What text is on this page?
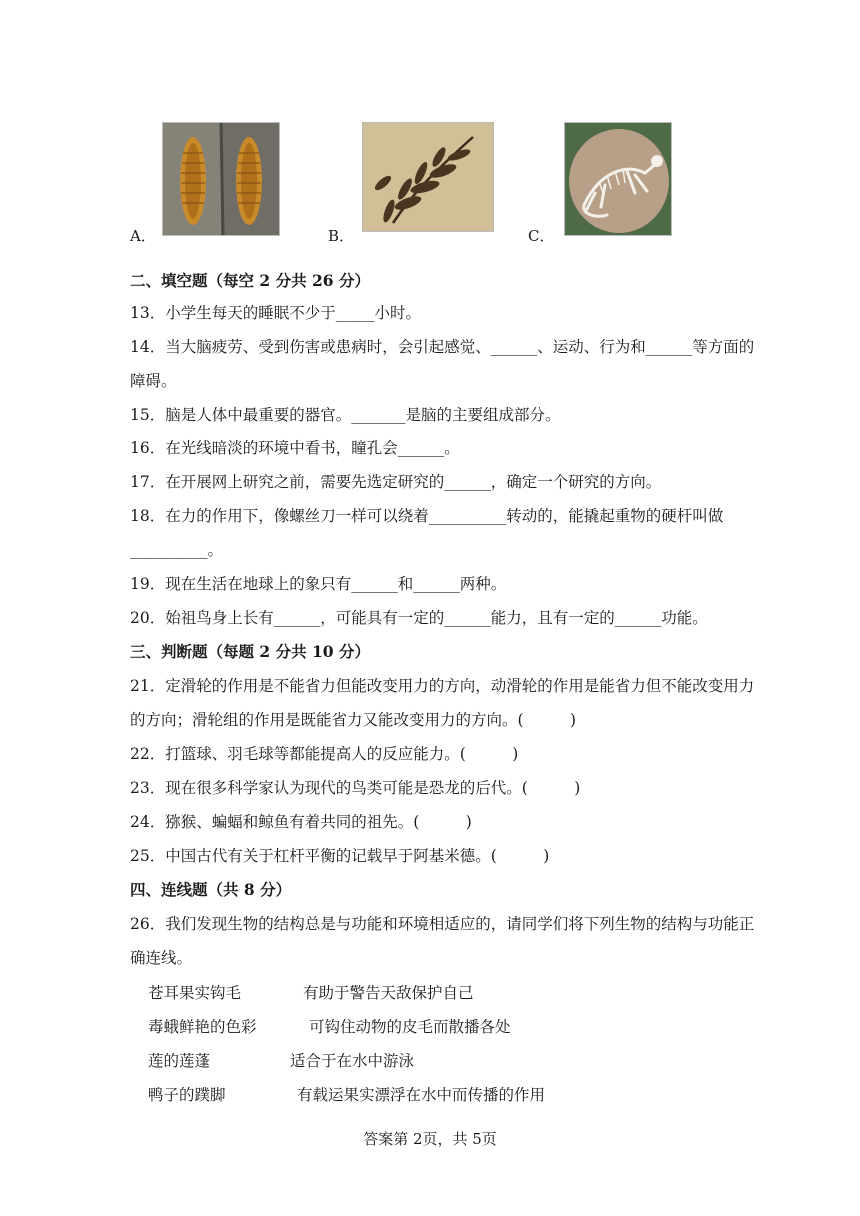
A．	B．	C．
二、填空题（每空 2 分共 26 分）
13．小学生每天的睡眠不少于_____小时。
14．当大脑疲劳、受到伤害或患病时，会引起感觉、______、运动、行为和______等方面的
障碍。
15．脑是人体中最重要的器官。_______是脑的主要组成部分。
16．在光线暗淡的环境中看书，瞳孔会______。
17．在开展网上研究之前，需要先选定研究的______，确定一个研究的方向。
18．在力的作用下，像螺丝刀一样可以绕着__________转动的，能撬起重物的硬杆叫做
__________。
19．现在生活在地球上的象只有______和______两种。
20．始祖鸟身上长有______，可能具有一定的______能力，且有一定的______功能。
三、判断题（每题 2 分共 10 分）
21．定滑轮的作用是不能省力但能改变用力的方向，动滑轮的作用是能省力但不能改变用力
的方向；滑轮组的作用是既能省力又能改变用力的方向。(　　　)
22．打篮球、羽毛球等都能提高人的反应能力。(　　　)
23．现在很多科学家认为现代的鸟类可能是恐龙的后代。(　　　)
24．猕猴、蝙蝠和鲸鱼有着共同的祖先。(　　　)
25．中国古代有关于杠杆平衡的记载早于阿基米德。(　　　)
四、连线题（共 8 分）
26．我们发现生物的结构总是与功能和环境相适应的，请同学们将下列生物的结构与功能正
确连线。
苍耳果实钩毛	有助于警告天敌保护自己
毒蛾鲜艳的色彩	可钩住动物的皮毛而散播各处
莲的莲蓬	适合于在水中游泳
鸭子的蹼脚	有载运果实漂浮在水中而传播的作用
答案第 2页，共 5页
